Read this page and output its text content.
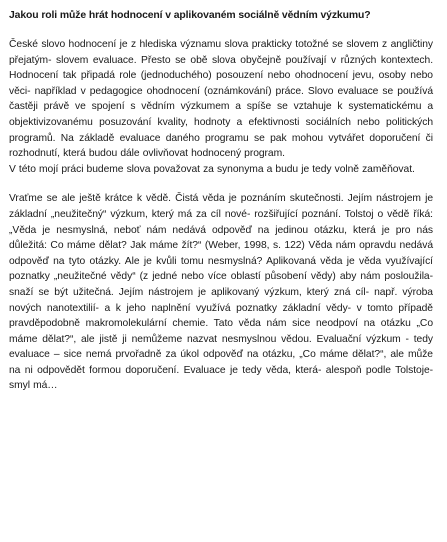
Jakou roli může hrát hodnocení v aplikovaném sociálně vědním výzkumu?

České slovo hodnocení je z hlediska významu slova prakticky totožné se slovem z angličtiny přejatým- slovem evaluace. Přesto se obě slova obyčejně používají v různých kontextech. Hodnocení tak připadá role (jednoduchého) posouzení nebo ohodnocení jevu, osoby nebo věci- například v pedagogice ohodnocení (oznámkování) práce. Slovo evaluace se používá častěji právě ve spojení s vědním výzkumem a spíše se vztahuje k systematickému a objektivizovanému posuzování kvality, hodnoty a efektivnosti sociálních nebo politických programů. Na základě evaluace daného programu se pak mohou vytvářet doporučení či rozhodnutí, která budou dále ovlivňovat hodnocený program.

V této mojí práci budeme slova považovat za synonyma a budu je tedy volně zaměňovat.

Vraťme se ale ještě krátce k vědě. Čistá věda je poznáním skutečnosti. Jejím nástrojem je základní „neužitečný“ výzkum, který má za cíl nové- rozšiřující poznání. Tolstoj o vědě říká: „Věda je nesmyslná, neboť nám nedává odpověď na jedinou otázku, která je pro nás důležitá: Co máme dělat? Jak máme žít?“ (Weber, 1998, s. 122) Věda nám opravdu nedává odpověď na tyto otázky. Ale je kvůli tomu nesmyslná? Aplikovaná věda je věda využívající poznatky „neužitečné vědy“ (z jedné nebo více oblastí působení vědy) aby nám posloužila- snaží se být užitečná. Jejím nástrojem je aplikovaný výzkum, který zná cíl- např. výroba nových nanotextilií- a k jeho naplnění využívá poznatky základní vědy- v tomto případě pravděpodobně makromolekulární chemie. Tato věda nám sice neodpoví na otázku „Co máme dělat?“, ale jistě ji nemůžeme nazvat nesmyslnou vědou. Evaluační výzkum - tedy evaluace – sice nemá prvořadně za úkol odpověď na otázku, „Co máme dělat?“, ale může na ni odpovědět formou doporučení. Evaluace je tedy věda, která- alespoň podle Tolstoje- smyl má…
